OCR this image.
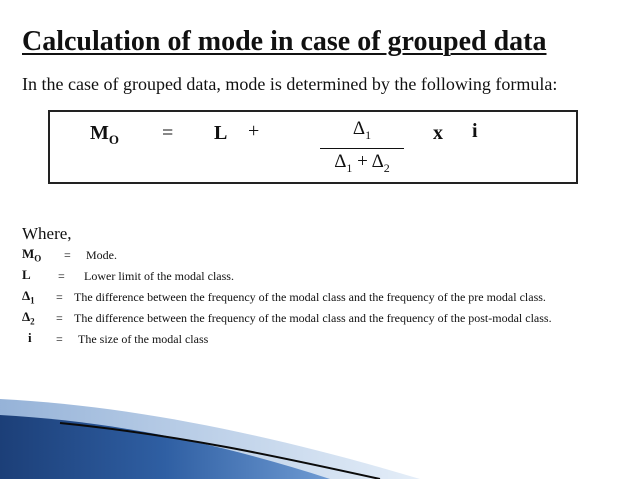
Calculation of mode in case of grouped data
In the case of grouped data, mode is determined by the following formula:
$M_O = L$ +	$\Delta_1$
$\Delta_1 + \Delta_2$
x i
Where,
$M_O$ = Mode.
L = Lower limit of the modal class.
$\Delta_1$ = The difference between the frequency of the modal class and the frequency of the pre modal class.
$\Delta_2$ = The difference between the frequency of the modal class and the frequency of the post-modal class.
i = The size of the modal class
